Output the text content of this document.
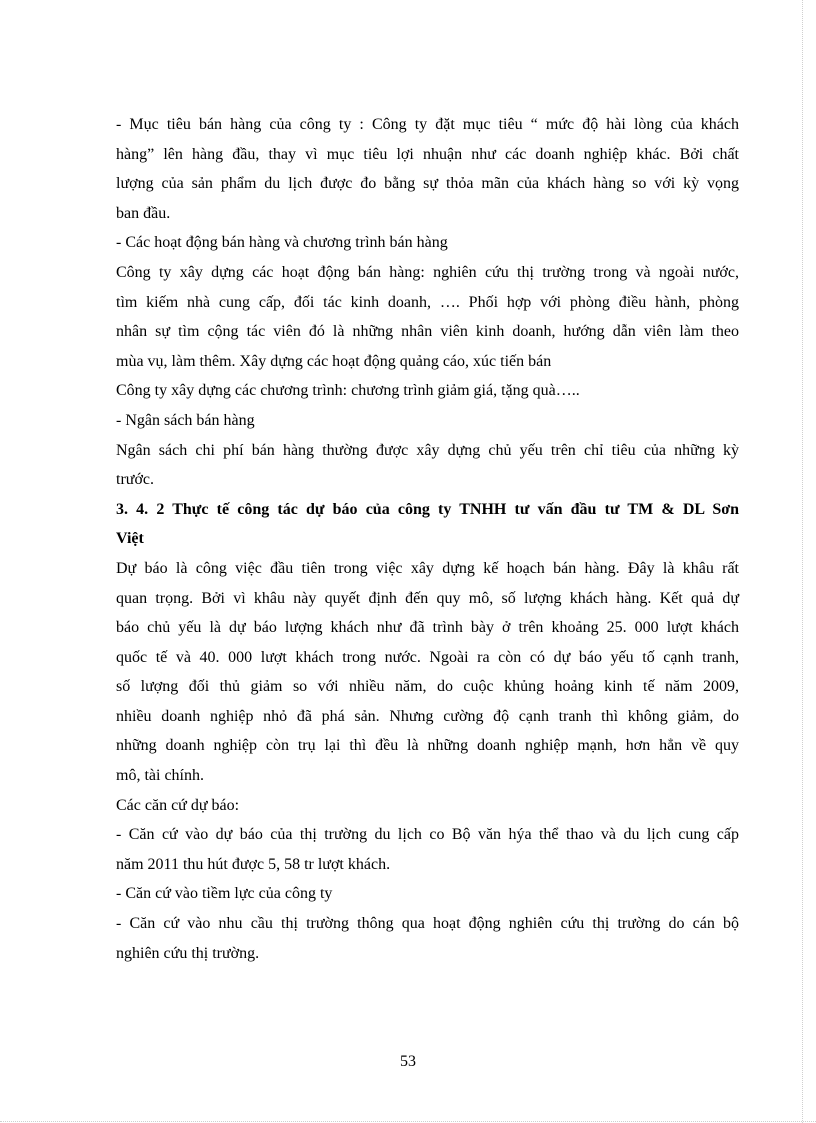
- Mục tiêu bán hàng của công ty : Công ty đặt mục tiêu “ mức độ hài lòng của khách
hàng” lên hàng đầu, thay vì mục tiêu lợi nhuận như các doanh nghiệp khác. Bởi chất
lượng của sản phẩm du lịch được đo bằng sự thỏa mãn của khách hàng so với kỳ vọng
ban đầu.
- Các hoạt động bán hàng và chương trình bán hàng
Công ty xây dựng các hoạt động bán hàng: nghiên cứu thị trường trong và ngoài nước,
tìm kiếm nhà cung cấp, đối tác kinh doanh, …. Phối hợp với phòng điều hành, phòng
nhân sự tìm cộng tác viên đó là những nhân viên kinh doanh, hướng dẫn viên làm theo
mùa vụ, làm thêm. Xây dựng các hoạt động quảng cáo, xúc tiến bán
Công ty xây dựng các chương trình: chương trình giảm giá, tặng quà…..
- Ngân sách bán hàng
Ngân sách chi phí bán hàng thường được xây dựng chủ yếu trên chỉ tiêu của những kỳ
trước.
3. 4. 2 Thực tế công tác dự báo của công ty TNHH tư vấn đầu tư TM & DL Sơn
Việt
Dự báo là công việc đầu tiên trong việc xây dựng kế hoạch bán hàng. Đây là khâu rất
quan trọng. Bởi vì khâu này quyết định đến quy mô, số lượng khách hàng. Kết quả dự
báo chủ yếu là dự báo lượng khách như đã trình bày ở trên khoảng 25. 000 lượt khách
quốc tế và 40. 000 lượt khách trong nước. Ngoài ra còn có dự báo yếu tố cạnh tranh,
số lượng đối thủ giảm so với nhiều năm, do cuộc khủng hoảng kinh tế năm 2009,
nhiều doanh nghiệp nhỏ đã phá sản. Nhưng cường độ cạnh tranh thì không giảm, do
những doanh nghiệp còn trụ lại thì đều là những doanh nghiệp mạnh, hơn hẳn về quy
mô, tài chính.
Các căn cứ dự báo:
- Căn cứ vào dự báo của thị trường du lịch co Bộ văn hýa thể thao và du lịch cung cấp
năm 2011 thu hút được 5, 58 tr lượt khách.
- Căn cứ vào tiềm lực của công ty
- Căn cứ vào nhu cầu thị trường thông qua hoạt động nghiên cứu thị trường do cán bộ
nghiên cứu thị trường.
53
